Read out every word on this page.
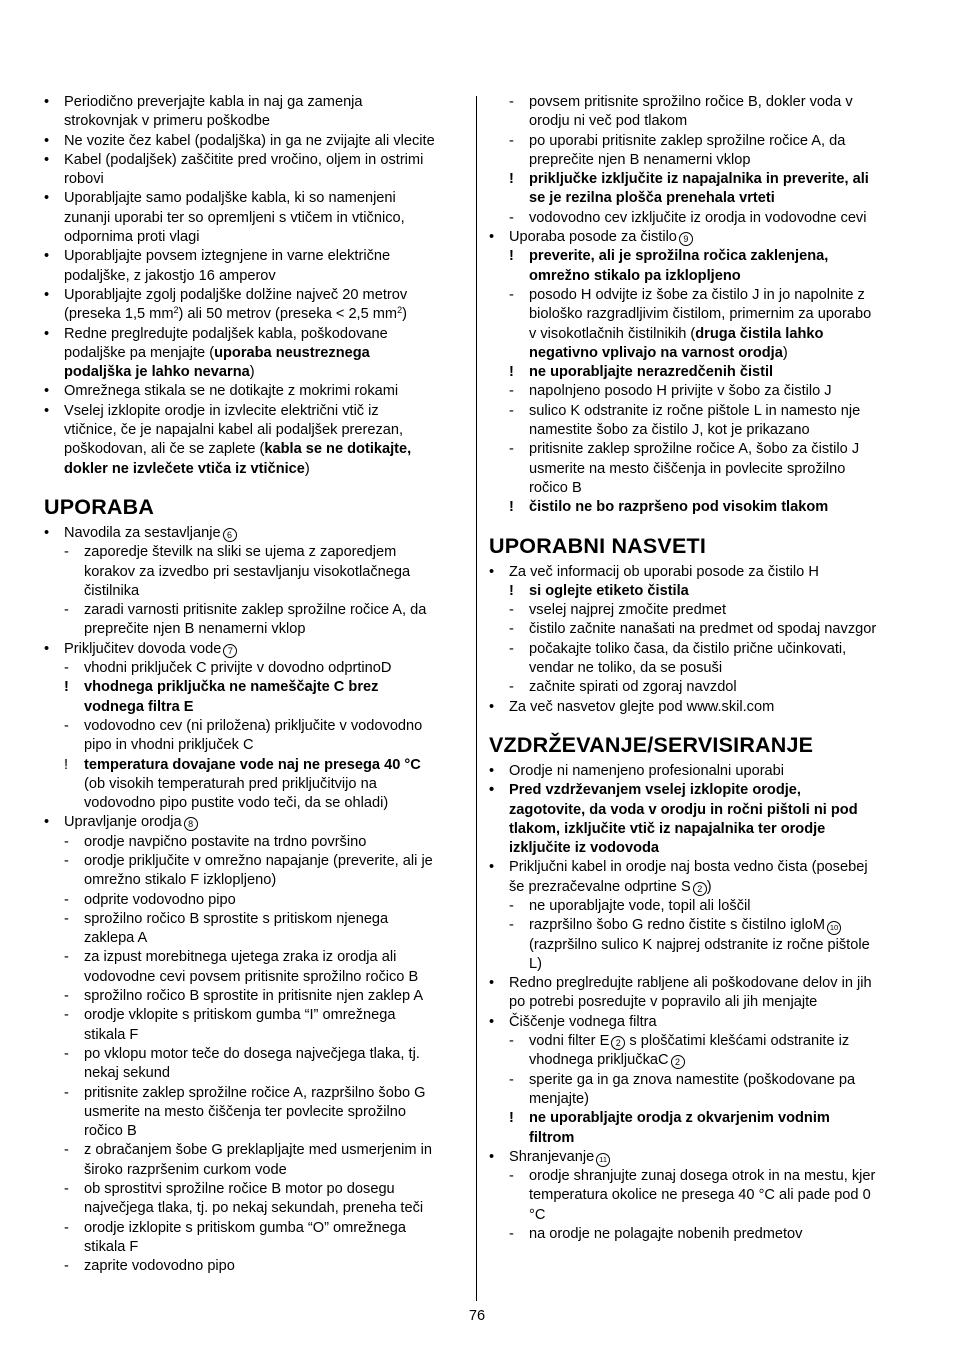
• Periodično preverjajte kabla in naj ga zamenja
strokovnjak v primeru poškodbe
• Ne vozite čez kabel (podaljška) in ga ne zvijajte ali vlecite
• Kabel (podaljšek) zaščitite pred vročino, oljem in ostrimi
robovi
• Uporabljajte samo podaljške kabla, ki so namenjeni
zunanji uporabi ter so opremljeni s vtičem in vtičnico,
odpornima proti vlagi
• Uporabljajte povsem iztegnjene in varne električne
podaljške, z jakostjo 16 amperov
• Uporabljajte zgolj podaljške dolžine največ 20 metrov
(preseka 1,5 $mm^2$) ali 50 metrov (preseka < 2,5 $mm^2$)
• Redne preglredujte podaljšek kabla, poškodovane
podaljške pa menjajte (uporaba neustreznega
podaljška je lahko nevarna)
• Omrežnega stikala se ne dotikajte z mokrimi rokami
• Vselej izklopite orodje in izvlecite električni vtič iz
vtičnice, če je napajalni kabel ali podaljšek prerezan,
poškodovan, ali če se zaplete (kabla se ne dotikajte,
dokler ne izvlečete vtiča iz vtičnice)
UPORABA
• Navodila za sestavljanje 6
- zaporedje številk na sliki se ujema z zaporedjem
korakov za izvedbo pri sestavljanju visokotlačnega
čistilnika
- zaradi varnosti pritisnite zaklep sprožilne ročice A, da
preprečite njen B nenamerni vklop
• Priključitev dovoda vode 7
- vhodni priključek C privijte v dovodno odprtinoD
! vhodnega priključka ne nameščajte C brez
vodnega filtra E
- vodovodno cev (ni priložena) priključite v vodovodno
pipo in vhodni priključek C
! temperatura dovajane vode naj ne presega 40 °C
(ob visokih temperaturah pred priključitvijo na
vodovodno pipo pustite vodo teči, da se ohladi)
• Upravljanje orodja 8
- orodje navpično postavite na trdno površino
- orodje priključite v omrežno napajanje (preverite, ali je
omrežno stikalo F izklopljeno)
- odprite vodovodno pipo
- sprožilno ročico B sprostite s pritiskom njenega
zaklepa A
- za izpust morebitnega ujetega zraka iz orodja ali
vodovodne cevi povsem pritisnite sprožilno ročico B
- sprožilno ročico B sprostite in pritisnite njen zaklep A
- orodje vklopite s pritiskom gumba “I” omrežnega
stikala F
- po vklopu motor teče do dosega največjega tlaka, tj.
nekaj sekund
- pritisnite zaklep sprožilne ročice A, razpršilno šobo G
usmerite na mesto čiščenja ter povlecite sprožilno
ročico B
- z obračanjem šobe G preklapljajte med usmerjenim in
široko razpršenim curkom vode
- ob sprostitvi sprožilne ročice B motor po dosegu
največjega tlaka, tj. po nekaj sekundah, preneha teči
- orodje izklopite s pritiskom gumba “O” omrežnega
stikala F
- zaprite vodovodno pipo
- povsem pritisnite sprožilno ročice B, dokler voda v
orodju ni več pod tlakom
- po uporabi pritisnite zaklep sprožilne ročice A, da
preprečite njen B nenamerni vklop
! priključke izključite iz napajalnika in preverite, ali
se je rezilna plošča prenehala vrteti
- vodovodno cev izključite iz orodja in vodovodne cevi
• Uporaba posode za čistilo 9
! preverite, ali je sprožilna ročica zaklenjena,
omrežno stikalo pa izklopljeno
- posodo H odvijte iz šobe za čistilo J in jo napolnite z
biološko razgradljivim čistilom, primernim za uporabo
v visokotlačnih čistilnikih (druga čistila lahko
negativno vplivajo na varnost orodja)
! ne uporabljajte nerazredčenih čistil
- napolnjeno posodo H privijte v šobo za čistilo J
- sulico K odstranite iz ročne pištole L in namesto nje
namestite šobo za čistilo J, kot je prikazano
- pritisnite zaklep sprožilne ročice A, šobo za čistilo J
usmerite na mesto čiščenja in povlecite sprožilno
ročico B
! čistilo ne bo razpršeno pod visokim tlakom
UPORABNI NASVETI
• Za več informacij ob uporabi posode za čistilo H
! si oglejte etiketo čistila
- vselej najprej zmočite predmet
- čistilo začnite nanašati na predmet od spodaj navzgor
- počakajte toliko časa, da čistilo prične učinkovati,
vendar ne toliko, da se posuši
- začnite spirati od zgoraj navzdol
• Za več nasvetov glejte pod www.skil.com
VZDRŽEVANJE/SERVISIRANJE
• Orodje ni namenjeno profesionalni uporabi
• Pred vzdrževanjem vselej izklopite orodje,
zagotovite, da voda v orodju in ročni pištoli ni pod
tlakom, izključite vtič iz napajalnika ter orodje
izključite iz vodovoda
• Priključni kabel in orodje naj bosta vedno čista (posebej
še prezračevalne odprtine S 2 )
- ne uporabljajte vode, topil ali loščil
- razpršilno šobo G redno čistite s čistilno igloM 10
(razpršilno sulico K najprej odstranite iz ročne pištole
L)
• Redno preglredujte rabljene ali poškodovane delov in jih
po potrebi posredujte v popravilo ali jih menjajte
• Čiščenje vodnega filtra
- vodni filter E 2 s ploščatimi klešćami odstranite iz
vhodnega priključkaC 2
- sperite ga in ga znova namestite (poškodovane pa
menjajte)
! ne uporabljajte orodja z okvarjenim vodnim
filtrom
• Shranjevanje 11
- orodje shranjujte zunaj dosega otrok in na mestu, kjer
temperatura okolice ne presega 40 °C ali pade pod 0
°C
- na orodje ne polagajte nobenih predmetov
76
